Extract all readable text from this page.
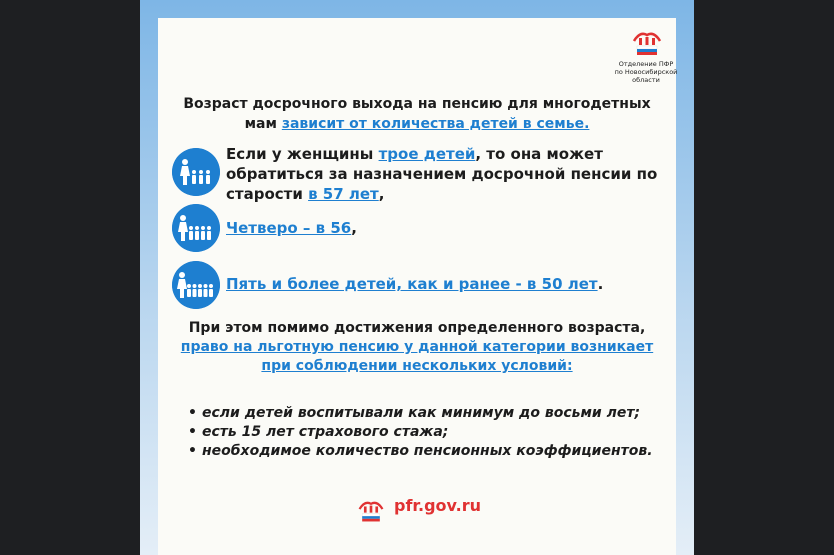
Отделение ПФР
по Новосибирской
области
Возраст досрочного выхода на пенсию для многодетных мам зависит от количества детей в семье.
Если у женщины трое детей, то она может обратиться за назначением досрочной пенсии по старости в 57 лет,
Четверо – в 56,
Пять и более детей, как и ранее - в 50 лет.
При этом помимо достижения определенного возраста, право на льготную пенсию у данной категории возникает при соблюдении нескольких условий:
• если детей воспитывали как минимум до восьми лет;
• есть 15 лет страхового стажа;
• необходимое количество пенсионных коэффициентов.
pfr.gov.ru
